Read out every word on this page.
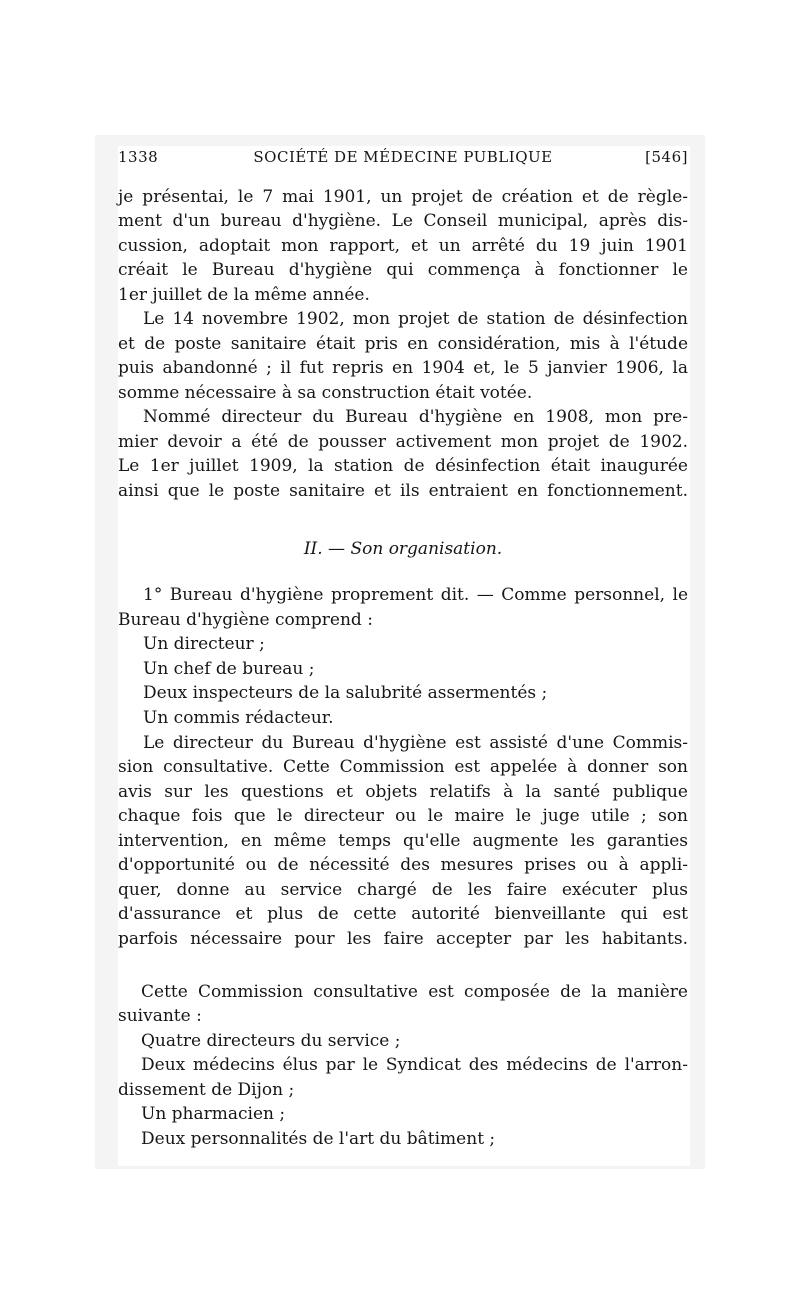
1338	SOCIÉTÉ DE MÉDECINE PUBLIQUE	[546]
je présentai, le 7 mai 1901, un projet de création et de règle-
ment d'un bureau d'hygiène. Le Conseil municipal, après dis-
cussion, adoptait mon rapport, et un arrêté du 19 juin 1901
créait le Bureau d'hygiène qui commença à fonctionner le
1er juillet de la même année.
Le 14 novembre 1902, mon projet de station de désinfection
et de poste sanitaire était pris en considération, mis à l'étude
puis abandonné ; il fut repris en 1904 et, le 5 janvier 1906, la
somme nécessaire à sa construction était votée.
Nommé directeur du Bureau d'hygiène en 1908, mon pre-
mier devoir a été de pousser activement mon projet de 1902.
Le 1er juillet 1909, la station de désinfection était inaugurée
ainsi que le poste sanitaire et ils entraient en fonctionnement.
II. — Son organisation.
1° Bureau d'hygiène proprement dit. — Comme personnel, le
Bureau d'hygiène comprend :
Un directeur ;
Un chef de bureau ;
Deux inspecteurs de la salubrité assermentés ;
Un commis rédacteur.
Le directeur du Bureau d'hygiène est assisté d'une Commis-
sion consultative. Cette Commission est appelée à donner son
avis sur les questions et objets relatifs à la santé publique
chaque fois que le directeur ou le maire le juge utile ; son
intervention, en même temps qu'elle augmente les garanties
d'opportunité ou de nécessité des mesures prises ou à appli-
quer, donne au service chargé de les faire exécuter plus
d'assurance et plus de cette autorité bienveillante qui est
parfois nécessaire pour les faire accepter par les habitants.
Cette Commission consultative est composée de la manière
suivante :
Quatre directeurs du service ;
Deux médecins élus par le Syndicat des médecins de l'arron-
dissement de Dijon ;
Un pharmacien ;
Deux personnalités de l'art du bâtiment ;
